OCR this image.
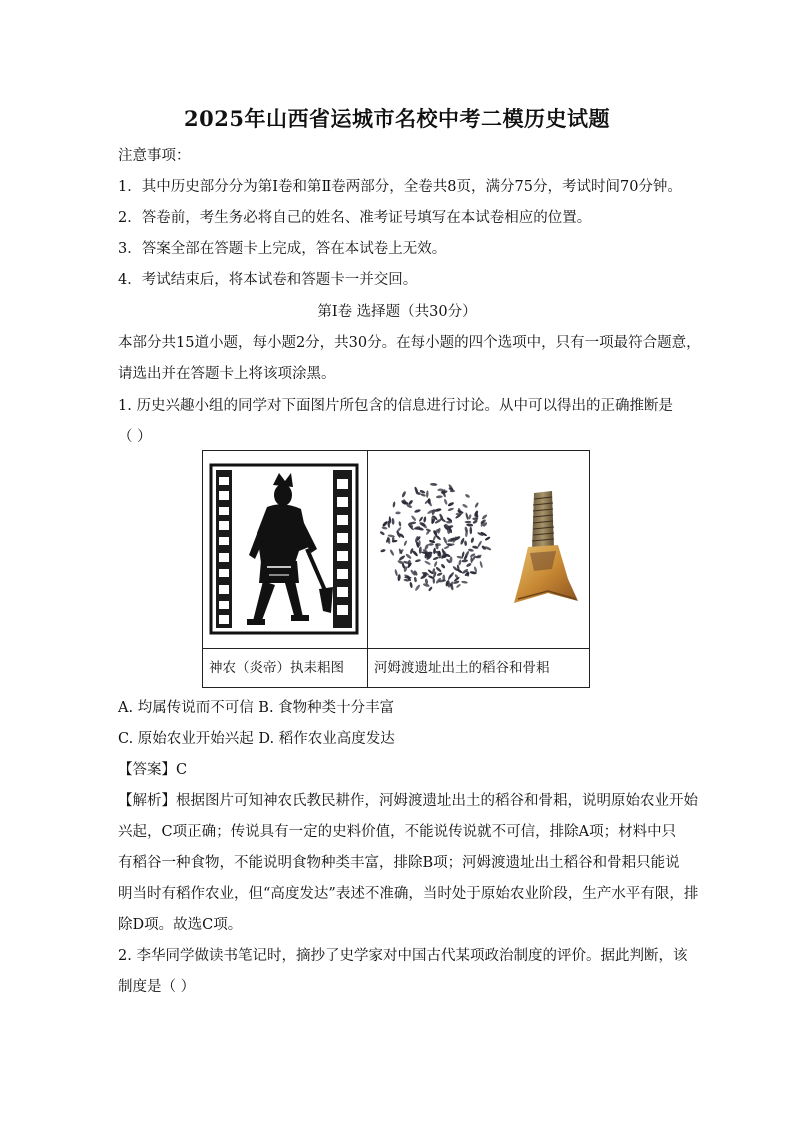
2025年山西省运城市名校中考二模历史试题
注意事项：
1．其中历史部分分为第Ⅰ卷和第Ⅱ卷两部分，全卷共8页，满分75分，考试时间70分钟。
2．答卷前，考生务必将自己的姓名、准考证号填写在本试卷相应的位置。
3．答案全部在答题卡上完成，答在本试卷上无效。
4．考试结束后，将本试卷和答题卡一并交回。
第Ⅰ卷 选择题（共30分）
本部分共15道小题，每小题2分，共30分。在每小题的四个选项中，只有一项最符合题意，
请选出并在答题卡上将该项涂黑。
1. 历史兴趣小组的同学对下面图片所包含的信息进行讨论。从中可以得出的正确推断是
（ ）
神农（炎帝）执耒耜图	河姆渡遗址出土的稻谷和骨耜
A. 均属传说而不可信 B. 食物种类十分丰富
C. 原始农业开始兴起 D. 稻作农业高度发达
【答案】C
【解析】根据图片可知神农氏教民耕作，河姆渡遗址出土的稻谷和骨耜，说明原始农业开始
兴起，C项正确；传说具有一定的史料价值，不能说传说就不可信，排除A项；材料中只
有稻谷一种食物，不能说明食物种类丰富，排除B项；河姆渡遗址出土稻谷和骨耜只能说
明当时有稻作农业，但“高度发达”表述不准确，当时处于原始农业阶段，生产水平有限，排
除D项。故选C项。
2. 李华同学做读书笔记时，摘抄了史学家对中国古代某项政治制度的评价。据此判断，该
制度是（ ）
